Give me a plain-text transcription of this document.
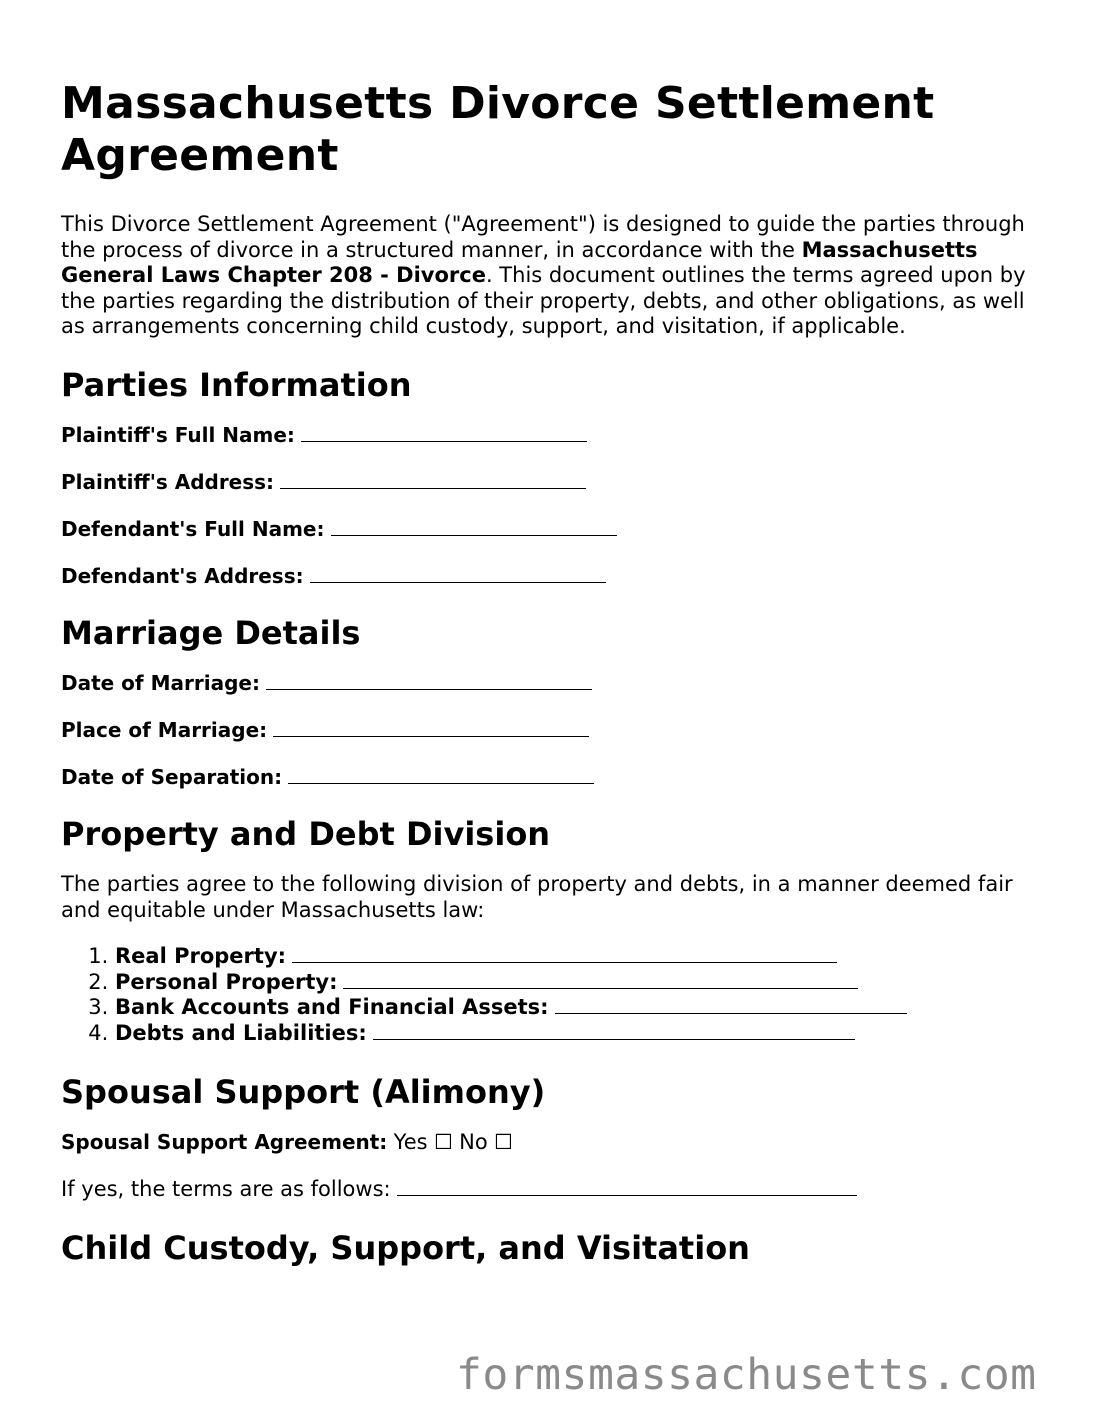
Massachusetts Divorce Settlement Agreement

This Divorce Settlement Agreement ("Agreement") is designed to guide the parties through the process of divorce in a structured manner, in accordance with the Massachusetts General Laws Chapter 208 - Divorce. This document outlines the terms agreed upon by the parties regarding the distribution of their property, debts, and other obligations, as well as arrangements concerning child custody, support, and visitation, if applicable.

Parties Information
Plaintiff's Full Name:
Plaintiff's Address:
Defendant's Full Name:
Defendant's Address:
Marriage Details
Date of Marriage:
Place of Marriage:
Date of Separation:
Property and Debt Division

The parties agree to the following division of property and debts, in a manner deemed fair and equitable under Massachusetts law:

1. Real Property:
2. Personal Property:
3. Bank Accounts and Financial Assets:
4. Debts and Liabilities:
Spousal Support (Alimony)
Spousal Support Agreement: Yes ☐ No ☐

If yes, the terms are as follows:

Child Custody, Support, and Visitation
formsmassachusetts.com
